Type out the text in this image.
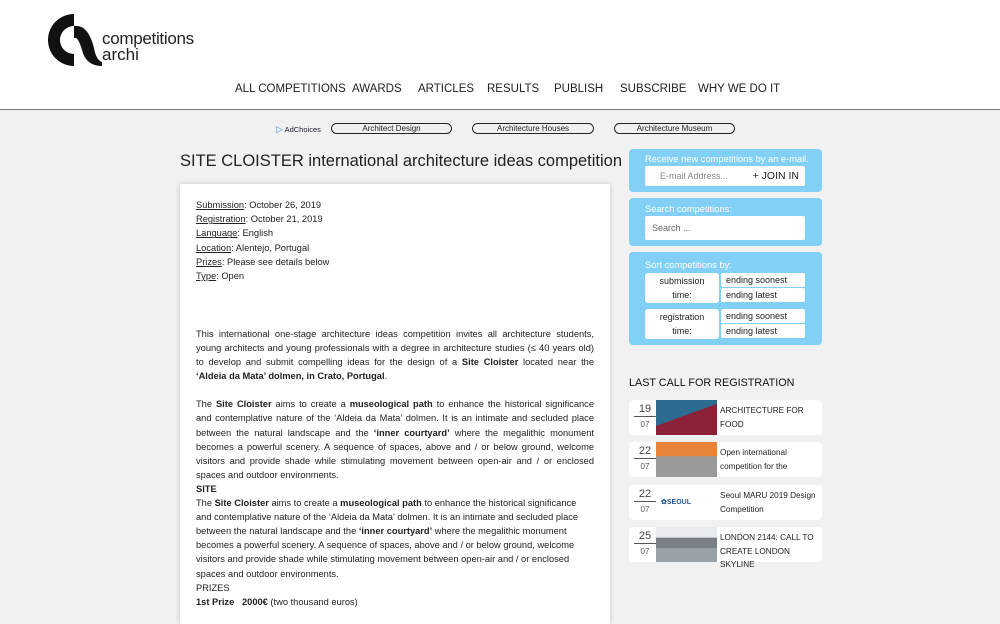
competitions
archi
ALL COMPETITIONS AWARDS ARTICLES RESULTS PUBLISH SUBSCRIBE WHY WE DO IT
▷ AdChoices	Architect Design	Architecture Houses	Architecture Museum
SITE CLOISTER international architecture ideas competition
Submission: October 26, 2019
Registration: October 21, 2019
Language: English
Location: Alentejo, Portugal
Prizes: Please see details below
Type: Open

This international one-stage architecture ideas competition invites all architecture students, young architects and young professionals with a degree in architecture studies (≤ 40 years old) to develop and submit compelling ideas for the design of a Site Cloister located near the ‘Aldeia da Mata’ dolmen, in Crato, Portugal.

The Site Cloister aims to create a museological path to enhance the historical significance and contemplative nature of the ‘Aldeia da Mata’ dolmen. It is an intimate and secluded place between the natural landscape and the ‘inner courtyard’ where the megalithic monument becomes a powerful scenery. A sequence of spaces, above and / or below ground, welcome visitors and provide shade while stimulating movement between open-air and / or enclosed spaces and outdoor environments.

SITE

The Site Cloister aims to create a museological path to enhance the historical significance and contemplative nature of the ‘Aldeia da Mata’ dolmen. It is an intimate and secluded place between the natural landscape and the ‘inner courtyard’ where the megalithic monument becomes a powerful scenery. A sequence of spaces, above and / or below ground, welcome visitors and provide shade while stimulating movement between open-air and / or enclosed spaces and outdoor environments.

PRIZES

1st Prize   2000€ (two thousand euros)

Receive new competitions by an e-mail.
E-mail Address... + JOIN IN
Search competitions:
Search ...
Sort competitions by:
submission
time:
ending soonest
ending latest
registration
time:
ending soonest
ending latest
LAST CALL FOR REGISTRATION
19
07
ARCHITECTURE FOR FOOD
22
07
Open international competition for the
22
07
✿SEOUL
Seoul MARU 2019 Design Competition
25
07
LONDON 2144: CALL TO CREATE LONDON SKYLINE
